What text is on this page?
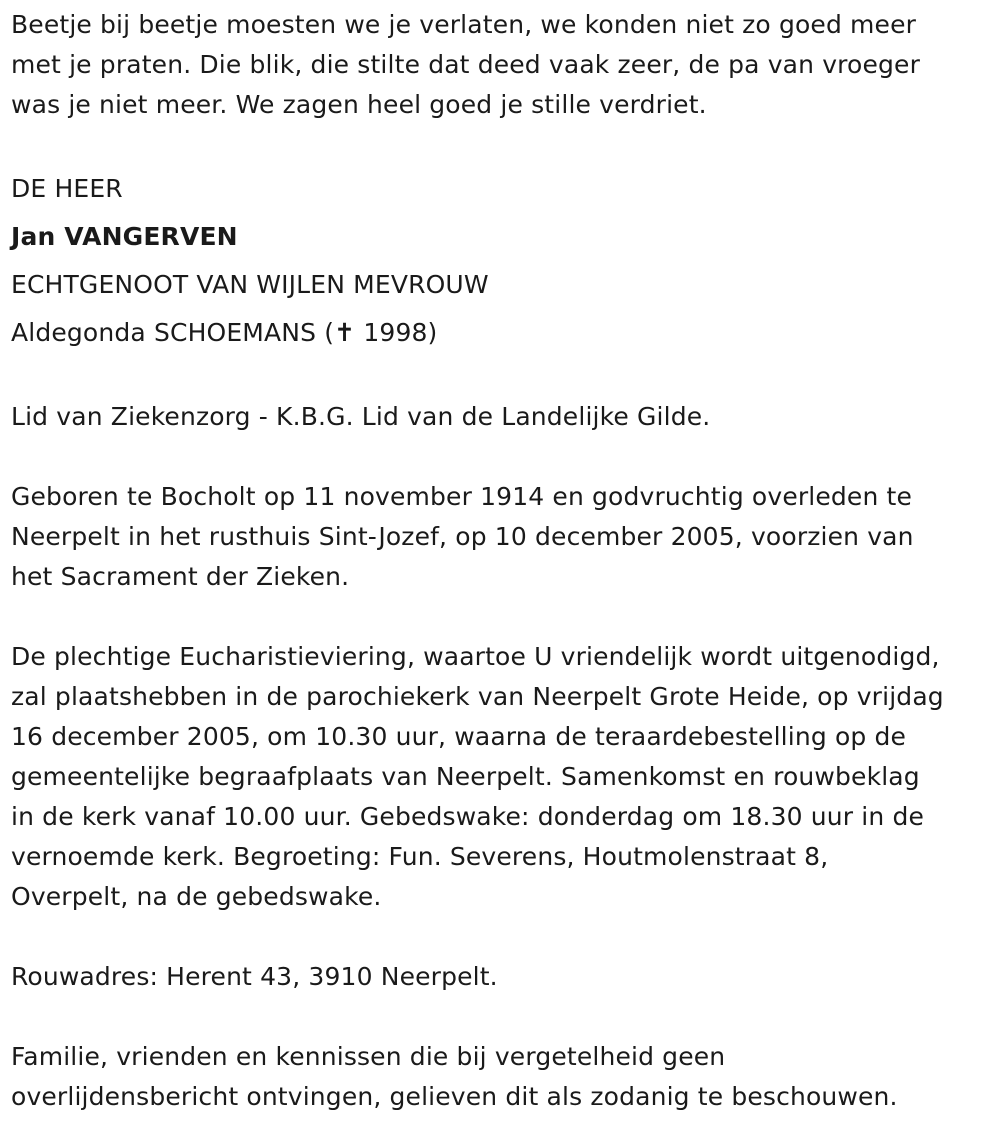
Beetje bij beetje moesten we je verlaten, we konden niet zo goed meer
met je praten. Die blik, die stilte dat deed vaak zeer, de pa van vroeger
was je niet meer. We zagen heel goed je stille verdriet.

DE HEER
Jan VANGERVEN
ECHTGENOOT VAN WIJLEN MEVROUW
Aldegonda SCHOEMANS (✝ 1998)

Lid van Ziekenzorg - K.B.G. Lid van de Landelijke Gilde.

Geboren te Bocholt op 11 november 1914 en godvruchtig overleden te
Neerpelt in het rusthuis Sint-Jozef, op 10 december 2005, voorzien van
het Sacrament der Zieken.

De plechtige Eucharistieviering, waartoe U vriendelijk wordt uitgenodigd,
zal plaatshebben in de parochiekerk van Neerpelt Grote Heide, op vrijdag
16 december 2005, om 10.30 uur, waarna de teraardebestelling op de
gemeentelijke begraafplaats van Neerpelt. Samenkomst en rouwbeklag
in de kerk vanaf 10.00 uur. Gebedswake: donderdag om 18.30 uur in de
vernoemde kerk. Begroeting: Fun. Severens, Houtmolenstraat 8,
Overpelt, na de gebedswake.

Rouwadres: Herent 43, 3910 Neerpelt.

Familie, vrienden en kennissen die bij vergetelheid geen
overlijdensbericht ontvingen, gelieven dit als zodanig te beschouwen.
